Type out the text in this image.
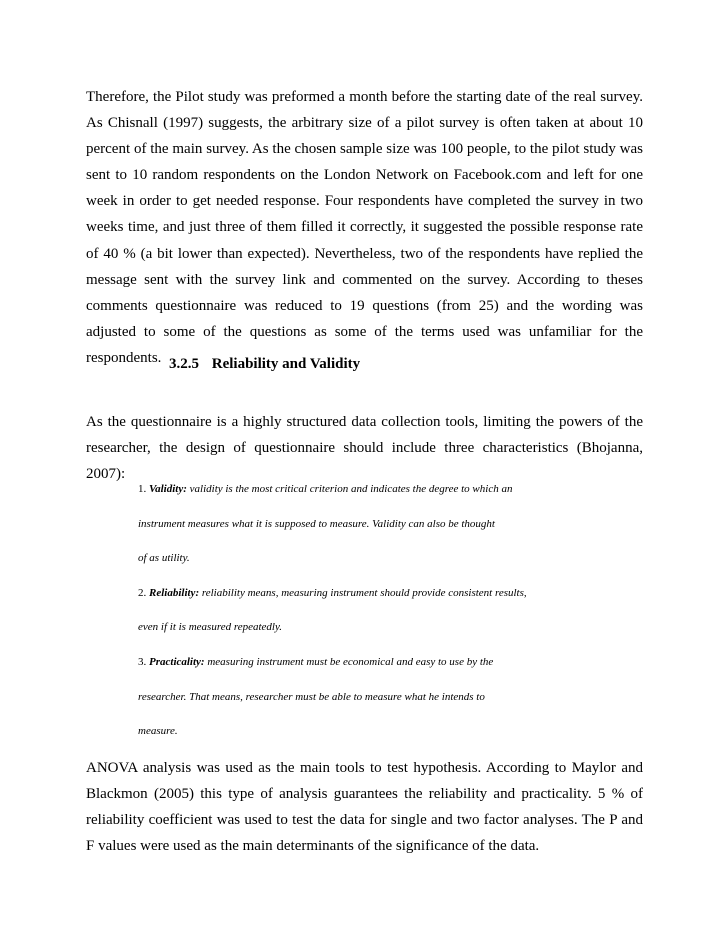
Therefore, the Pilot study was preformed a month before the starting date of the real survey. As Chisnall (1997) suggests, the arbitrary size of a pilot survey is often taken at about 10 percent of the main survey. As the chosen sample size was 100 people, to the pilot study was sent to 10 random respondents on the London Network on Facebook.com and left for one week in order to get needed response. Four respondents have completed the survey in two weeks time, and just three of them filled it correctly, it suggested the possible response rate of 40 % (a bit lower than expected). Nevertheless, two of the respondents have replied the message sent with the survey link and commented on the survey. According to theses comments questionnaire was reduced to 19 questions (from 25) and the wording was adjusted to some of the questions as some of the terms used was unfamiliar for the respondents. 3.2.5 Reliability and Validity

As the questionnaire is a highly structured data collection tools, limiting the powers of the researcher, the design of questionnaire should include three characteristics (Bhojanna, 2007):

1. Validity: validity is the most critical criterion and indicates the degree to which an
instrument measures what it is supposed to measure. Validity can also be thought
of as utility.
2. Reliability: reliability means, measuring instrument should provide consistent results,
even if it is measured repeatedly.
3. Practicality: measuring instrument must be economical and easy to use by the
researcher. That means, researcher must be able to measure what he intends to
measure.

ANOVA analysis was used as the main tools to test hypothesis. According to Maylor and Blackmon (2005) this type of analysis guarantees the reliability and practicality. 5 % of reliability coefficient was used to test the data for single and two factor analyses. The P and F values were used as the main determinants of the significance of the data.
